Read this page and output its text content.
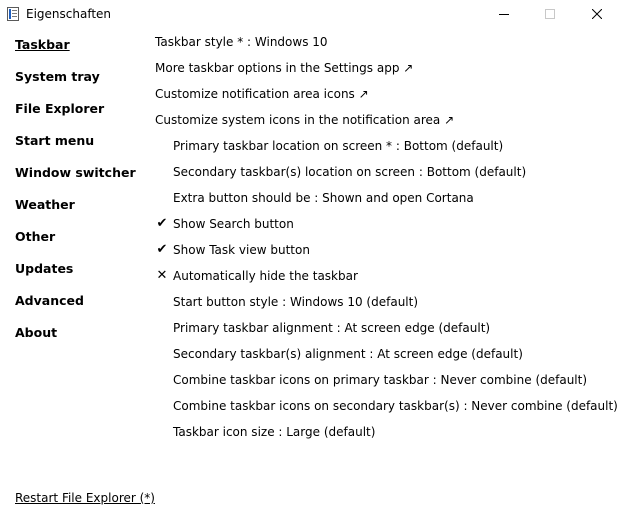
Eigenschaften
Taskbar
System tray
File Explorer
Start menu
Window switcher
Weather
Other
Updates
Advanced
About
Restart File Explorer (*)
Taskbar style * : Windows 10
More taskbar options in the Settings app ↗
Customize notification area icons ↗
Customize system icons in the notification area ↗
Primary taskbar location on screen * : Bottom (default)
Secondary taskbar(s) location on screen : Bottom (default)
Extra button should be : Shown and open Cortana
✔ Show Search button
✔ Show Task view button
✕ Automatically hide the taskbar
Start button style : Windows 10 (default)
Primary taskbar alignment : At screen edge (default)
Secondary taskbar(s) alignment : At screen edge (default)
Combine taskbar icons on primary taskbar : Never combine (default)
Combine taskbar icons on secondary taskbar(s) : Never combine (default)
Taskbar icon size : Large (default)
